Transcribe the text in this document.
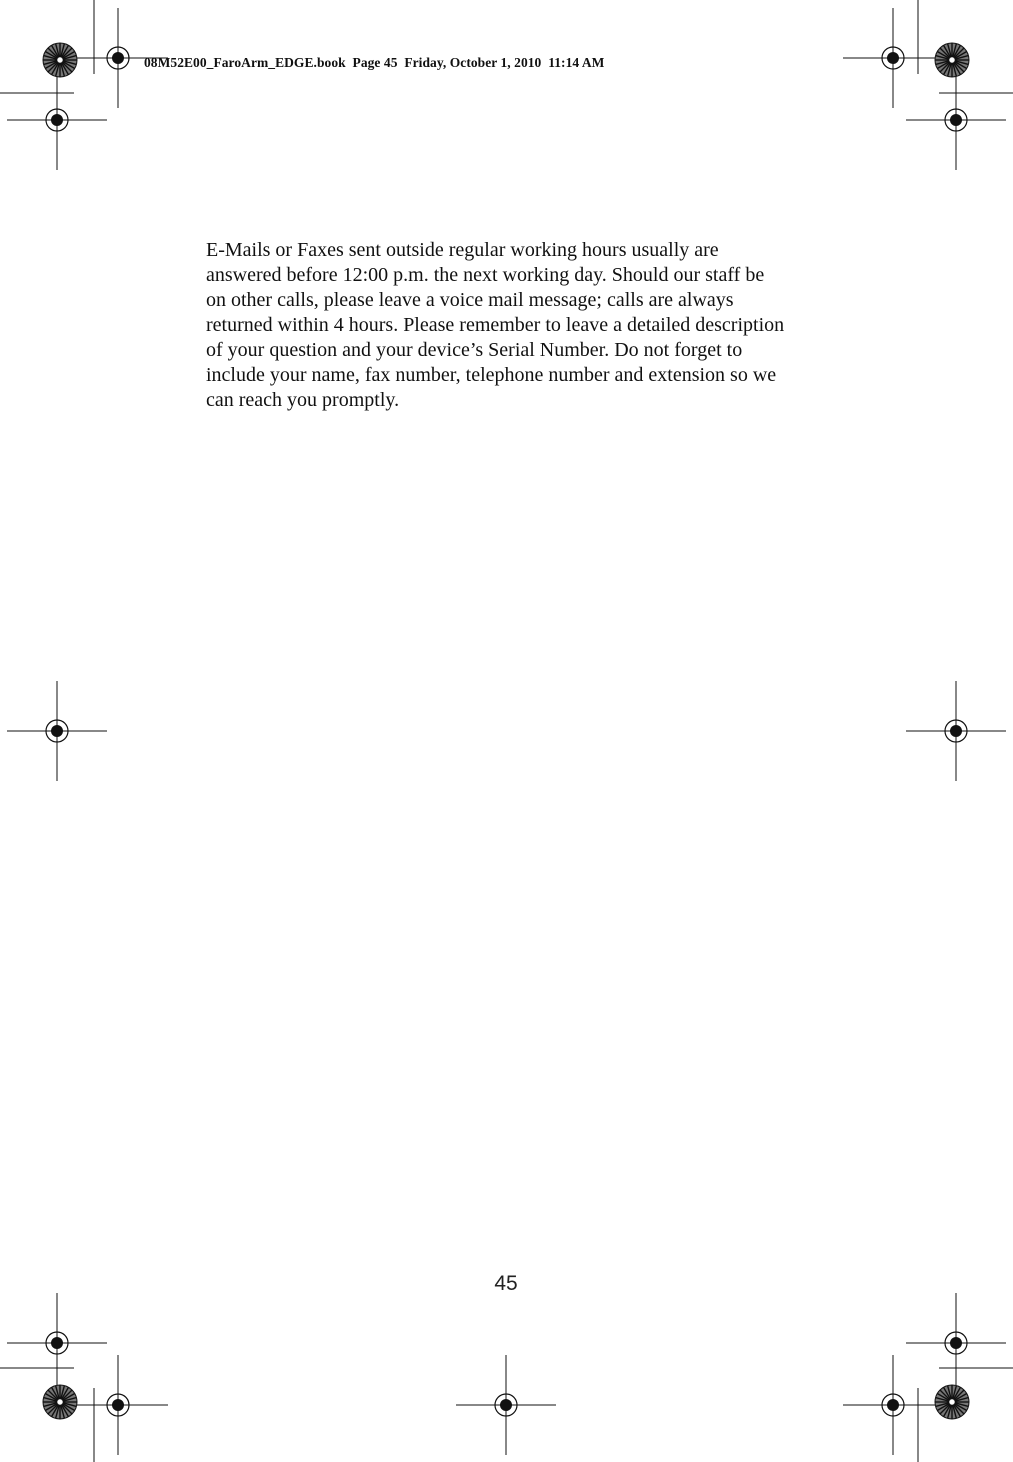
08M52E00_FaroArm_EDGE.book  Page 45  Friday, October 1, 2010  11:14 AM

E-Mails or Faxes sent outside regular working hours usually are
answered before 12:00 p.m. the next working day. Should our staff be
on other calls, please leave a voice mail message; calls are always
returned within 4 hours. Please remember to leave a detailed description
of your question and your device’s Serial Number. Do not forget to
include your name, fax number, telephone number and extension so we
can reach you promptly.

45
